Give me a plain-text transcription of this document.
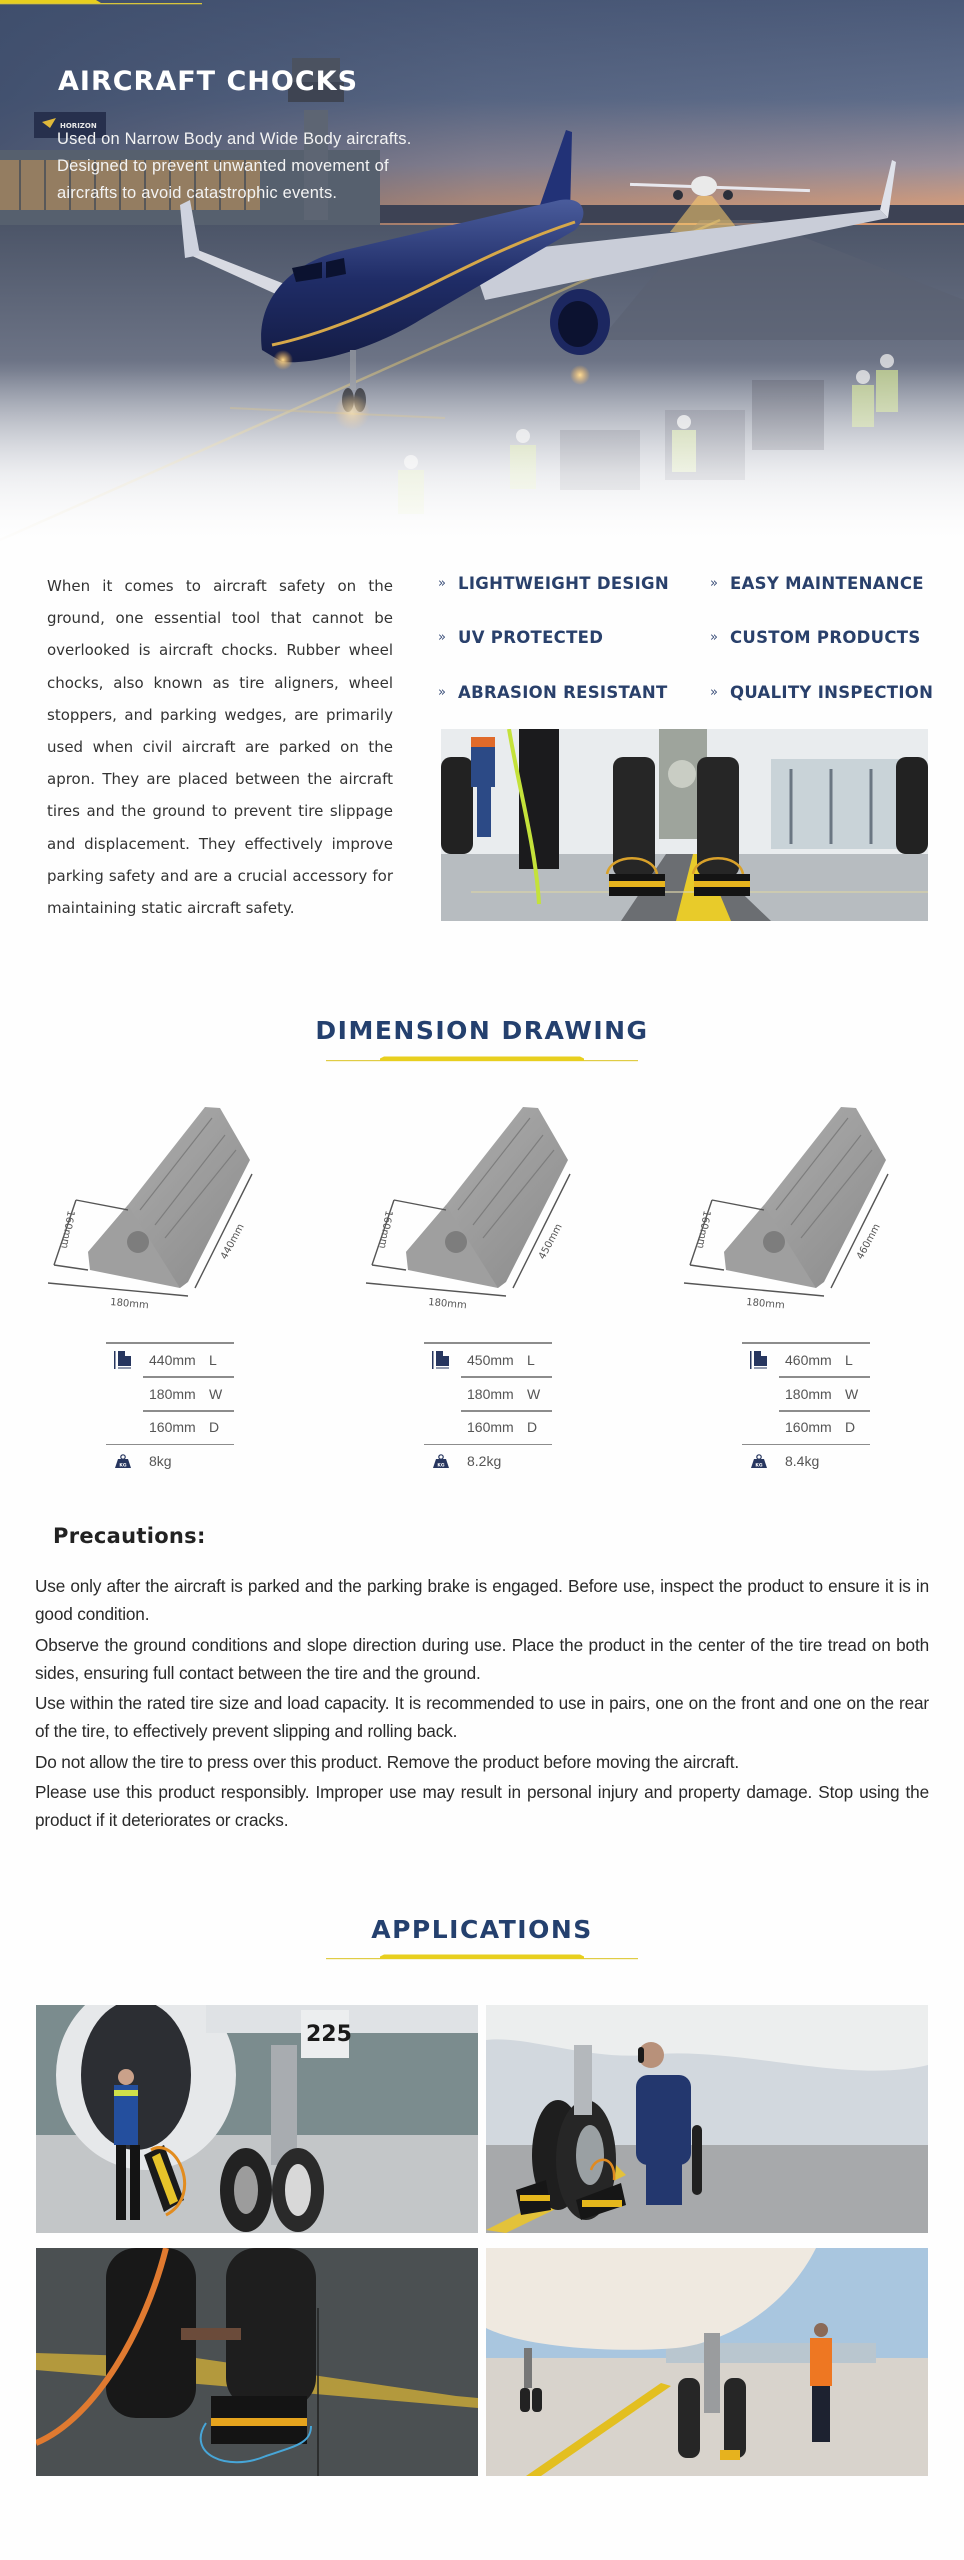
HORIZON
AIRCRAFT CHOCKS
Used on Narrow Body and Wide Body aircrafts.
Designed to prevent unwanted movement of
aircrafts to avoid catastrophic events.

When it comes to aircraft safety on the ground, one essential tool that cannot be overlooked is aircraft chocks. Rubber wheel chocks, also known as tire aligners, wheel stoppers, and parking wedges, are primarily used when civil aircraft are parked on the apron. They are placed between the aircraft tires and the ground to prevent tire slippage and displacement. They effectively improve parking safety and are a crucial accessory for maintaining static aircraft safety.

» LIGHTWEIGHT DESIGN	» EASY MAINTENANCE
» UV PROTECTED	» CUSTOM PRODUCTS
» ABRASION RESISTANT	» QUALITY INSPECTION
DIMENSION DRAWING
180mm
160mm	440mm
440mm L
180mm W
160mm D
KG 8kg
180mm
160mm	450mm
450mm L
180mm W
160mm D
KG 8.2kg
180mm
160mm	460mm
460mm L
180mm W
160mm D
KG 8.4kg
Precautions:

Use only after the aircraft is parked and the parking brake is engaged. Before use, inspect the product to ensure it is in good condition.

Observe the ground conditions and slope direction during use. Place the product in the center of the tire tread on both sides, ensuring full contact between the tire and the ground.

Use within the rated tire size and load capacity. It is recommended to use in pairs, one on the front and one on the rear of the tire, to effectively prevent slipping and rolling back.

Do not allow the tire to press over this product. Remove the product before moving the aircraft.

Please use this product responsibly. Improper use may result in personal injury and property damage. Stop using the product if it deteriorates or cracks.

APPLICATIONS
225
